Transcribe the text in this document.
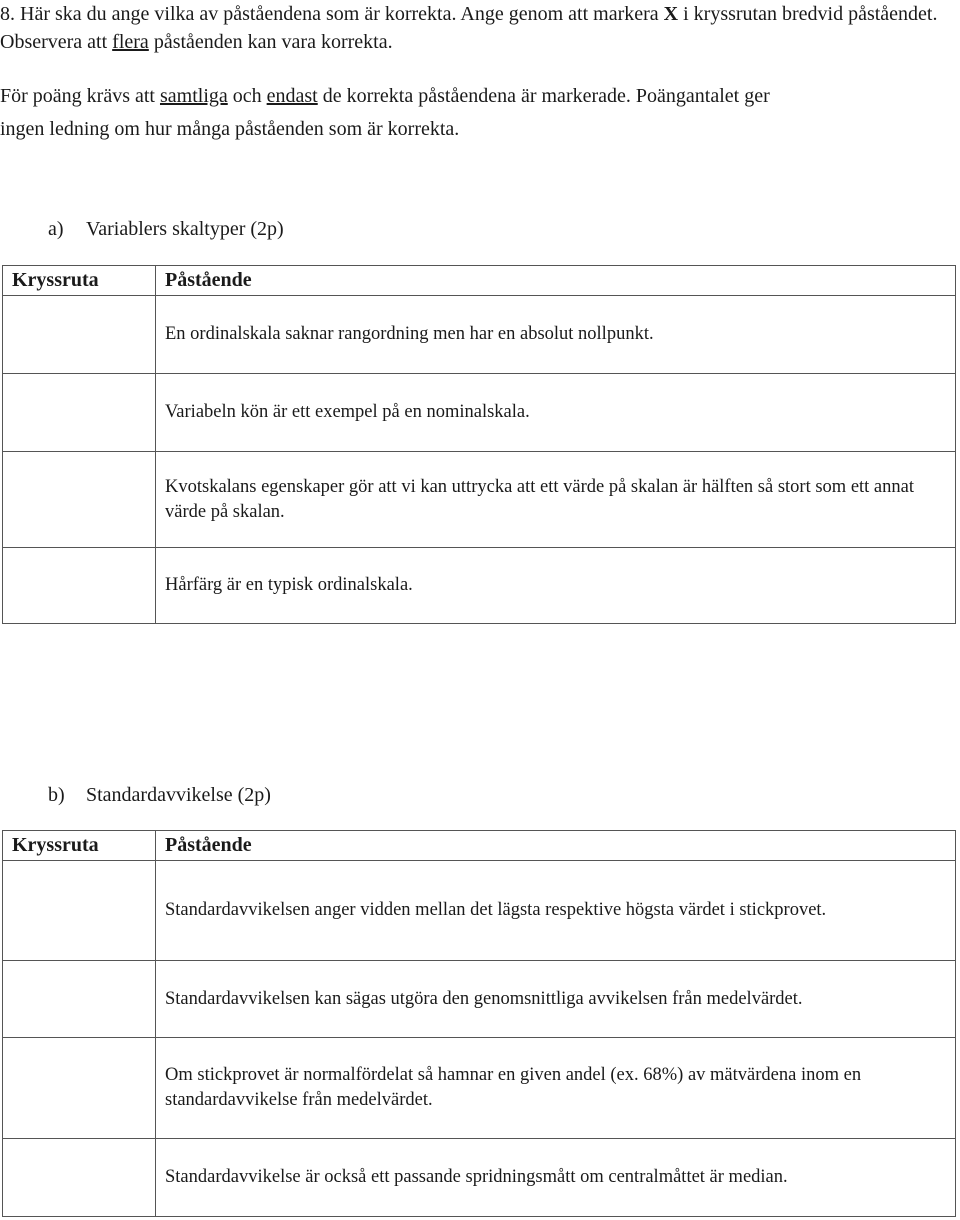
8. Här ska du ange vilka av påståendena som är korrekta. Ange genom att markera X i kryssrutan bredvid påståendet. Observera att flera påståenden kan vara korrekta.

För poäng krävs att samtliga och endast de korrekta påståendena är markerade. Poängantalet ger

ingen ledning om hur många påståenden som är korrekta.

a) Variablers skaltyper (2p)
Kryssruta	Påstående
	En ordinalskala saknar rangordning men har en absolut nollpunkt.
	Variabeln kön är ett exempel på en nominalskala.
	Kvotskalans egenskaper gör att vi kan uttrycka att ett värde på skalan är hälften så stort som ett annat värde på skalan.
	Hårfärg är en typisk ordinalskala.
b) Standardavvikelse (2p)
Kryssruta	Påstående
	Standardavvikelsen anger vidden mellan det lägsta respektive högsta värdet i stickprovet.
	Standardavvikelsen kan sägas utgöra den genomsnittliga avvikelsen från medelvärdet.
	Om stickprovet är normalfördelat så hamnar en given andel (ex. 68%) av mätvärdena inom en standardavvikelse från medelvärdet.
	Standardavvikelse är också ett passande spridningsmått om centralmåttet är median.
